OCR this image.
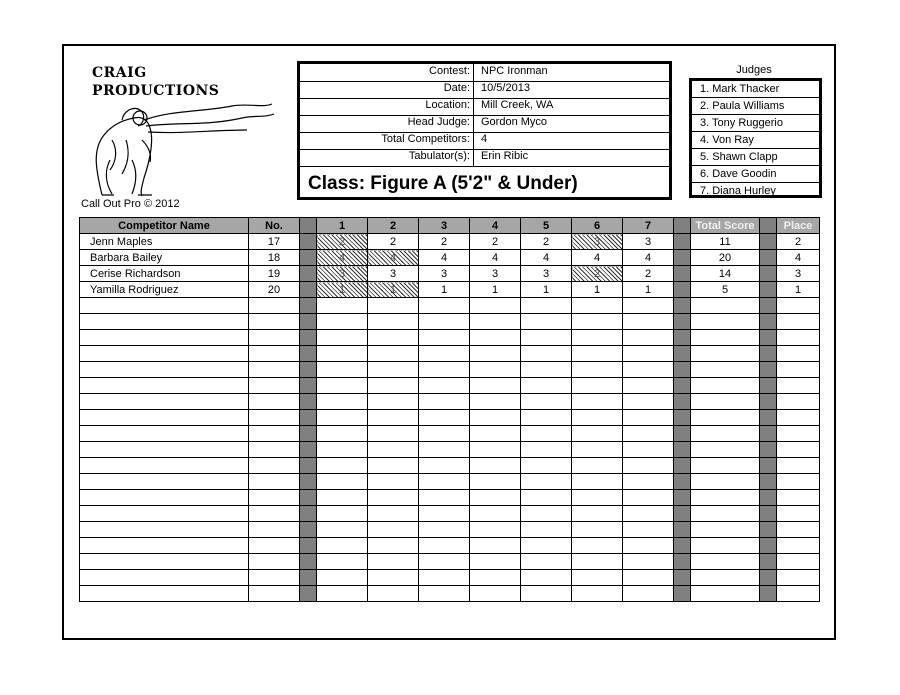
CRAIG
PRODUCTIONS
Call Out Pro © 2012
Contest: NPC Ironman
Date: 10/5/2013
Location: Mill Creek, WA
Head Judge: Gordon Myco
Total Competitors: 4
Tabulator(s): Erin Ribic
Class: Figure A (5'2" & Under)
Judges
1. Mark Thacker
2. Paula Williams
3. Tony Ruggerio
4. Von Ray
5. Shawn Clapp
6. Dave Goodin
7. Diana Hurley
Competitor Name	No.		1	2	3	4	5	6	7		Total Score		Place
Jenn Maples	17		2	2	2	2	2	3	3		11		2
Barbara Bailey	18		4	4	4	4	4	4	4		20		4
Cerise Richardson	19		3	3	3	3	3	2	2		14		3
Yamilla Rodriguez	20		1	1	1	1	1	1	1		5		1
